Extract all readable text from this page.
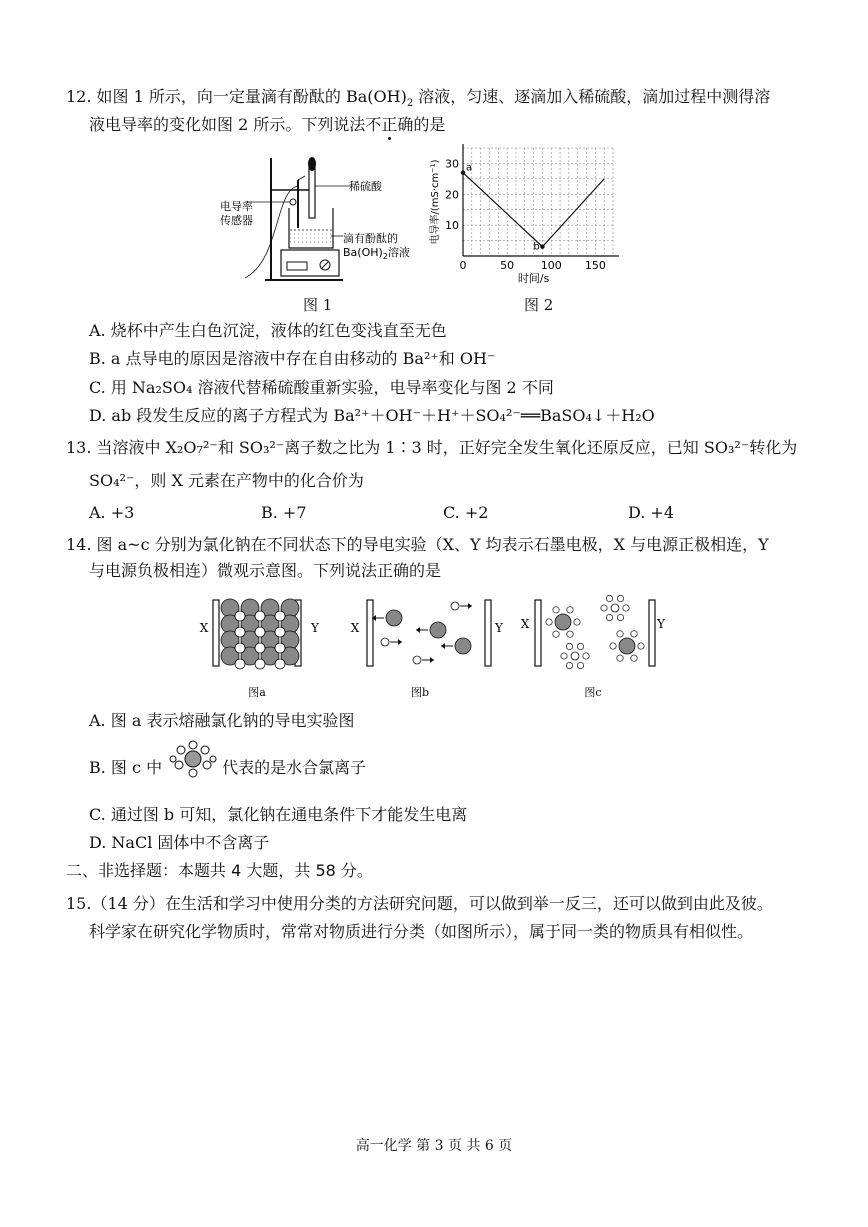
12. 如图 1 所示，向一定量滴有酚酞的 $Ba(OH)_2$ 溶液，匀速、逐滴加入稀硫酸，滴加过程中测得溶
液电导率的变化如图 2 所示。下列说法不正确的是
稀硫酸
电导率
传感器
滴有酚酞的
$Ba(OH)_2$溶液
图 1
0	50 100 150
10
20
30
时间/s
电导率/(mS·cm⁻¹)	a
b
图 2
A. 烧杯中产生白色沉淀，液体的红色变浅直至无色
B. a 点导电的原因是溶液中存在自由移动的 Ba²⁺和 OH⁻
C. 用 Na₂SO₄ 溶液代替稀硫酸重新实验，电导率变化与图 2 不同
D. ab 段发生反应的离子方程式为 Ba²⁺＋OH⁻＋H⁺＋SO₄²⁻══BaSO₄↓＋H₂O
13. 当溶液中 X₂O₇²⁻和 SO₃²⁻离子数之比为 1∶3 时，正好完全发生氧化还原反应，已知 SO₃²⁻转化为
SO₄²⁻，则 X 元素在产物中的化合价为
A. +3	B. +7	C. +2	D. +4
14. 图 a~c 分别为氯化钠在不同状态下的导电实验（X、Y 均表示石墨电极，X 与电源正极相连，Y
与电源负极相连）微观示意图。下列说法正确的是
X	Y
图a
X	Y
图b
X	Y
图c
A. 图 a 表示熔融氯化钠的导电实验图
B. 图 c 中	代表的是水合氯离子
C. 通过图 b 可知，氯化钠在通电条件下才能发生电离
D. NaCl 固体中不含离子
二、非选择题：本题共 4 大题，共 58 分。
15.（14 分）在生活和学习中使用分类的方法研究问题，可以做到举一反三，还可以做到由此及彼。
科学家在研究化学物质时，常常对物质进行分类（如图所示），属于同一类的物质具有相似性。
高一化学 第 3 页 共 6 页
